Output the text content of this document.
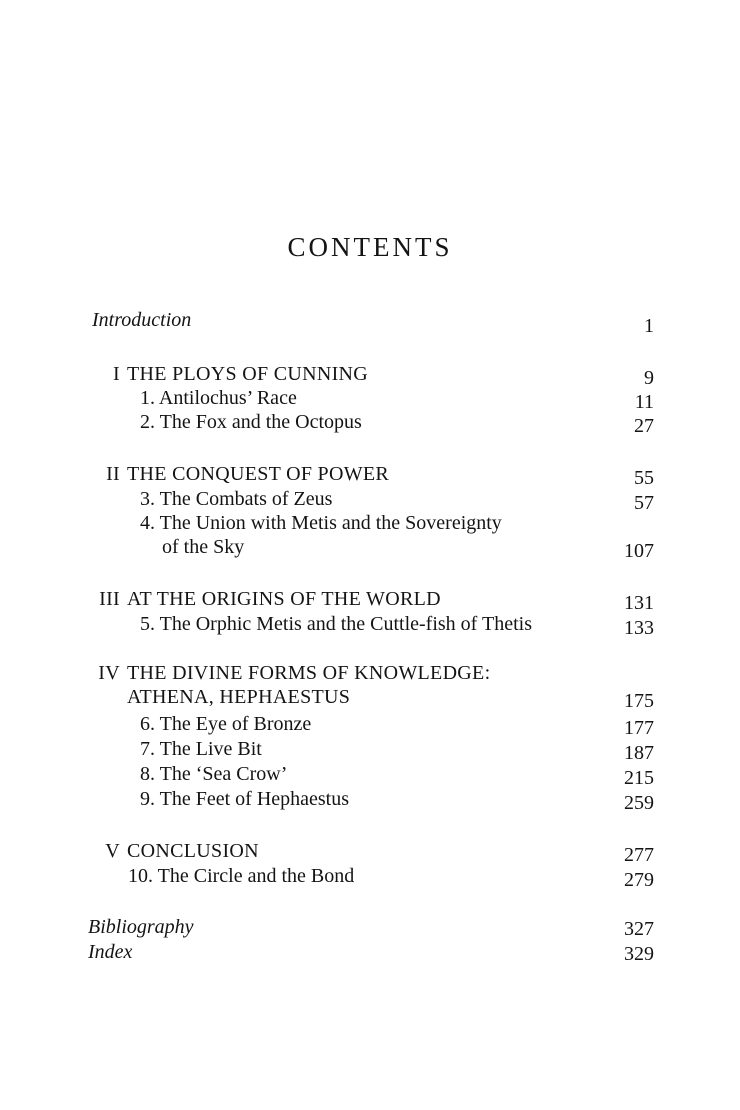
CONTENTS
Introduction	1
I THE PLOYS OF CUNNING	9
1. Antilochus’ Race	11
2. The Fox and the Octopus	27
II THE CONQUEST OF POWER	55
3. The Combats of Zeus	57
4. The Union with Metis and the Sovereignty
of the Sky	107
III AT THE ORIGINS OF THE WORLD	131
5. The Orphic Metis and the Cuttle-fish of Thetis	133
IV THE DIVINE FORMS OF KNOWLEDGE:
ATHENA, HEPHAESTUS	175
6. The Eye of Bronze	177
7. The Live Bit	187
8. The ‘Sea Crow’	215
9. The Feet of Hephaestus	259
V CONCLUSION	277
10. The Circle and the Bond	279
Bibliography	327
Index	329
